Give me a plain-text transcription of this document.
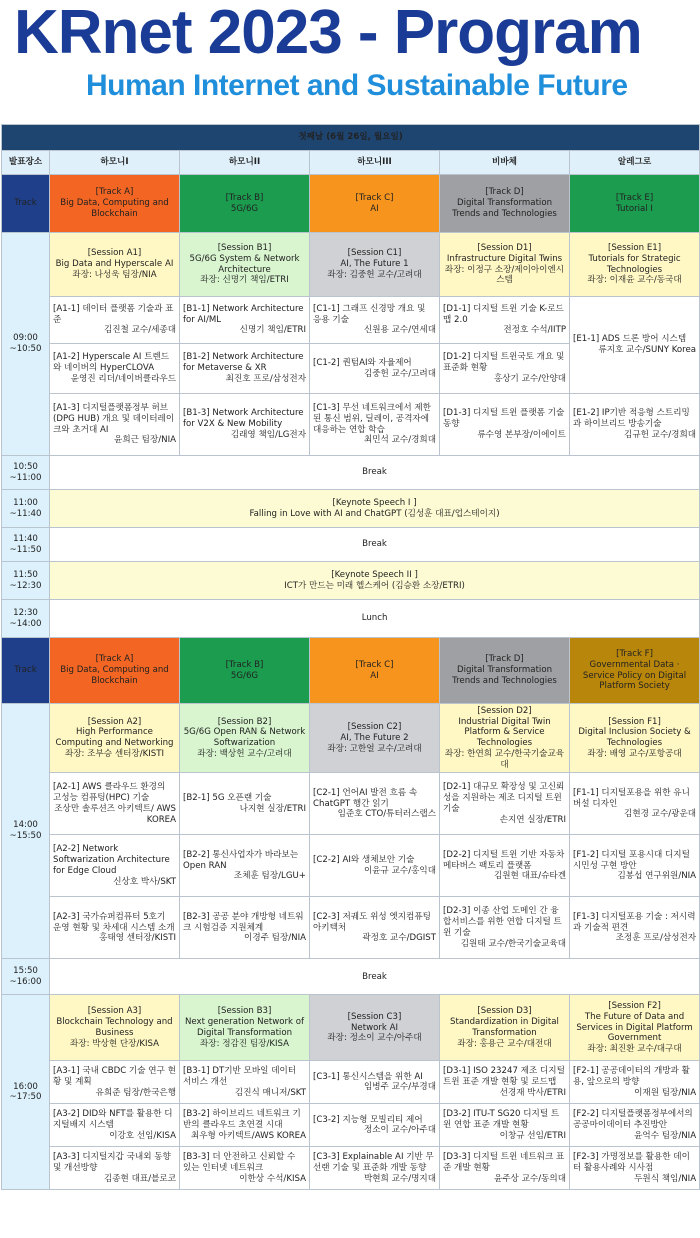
KRnet 2023 - Program
Human Internet and Sustainable Future
첫째날 (6월 26일, 월요일)					

발표장소	하모니I	하모니II	하모니III	비바체	알레그로

Track	[Track A]
Big Data, Computing and Blockchain	[Track B]
5G/6G	[Track C]
AI	[Track D]
Digital Transformation Trends and Technologies	[Track E]
Tutorial I

09:00 ~10:50	[Session A1]
Big Data and Hyperscale AI
좌장: 나성욱 팀장/NIA	[Session B1]
5G/6G System & Network Architecture
좌장: 신명기 책임/ETRI	[Session C1]
AI, The Future 1
좌장: 김중헌 교수/고려대	[Session D1]
Infrastructure Digital Twins
좌장: 이정구 소장/제이아이엔시스템	[Session E1]
Tutorials for Strategic Technologies
좌장: 이재윤 교수/동국대

	[A1-1] 데이터 플랫폼 기술과 표준
김진철 교수/세종대	[B1-1] Network Architecture for AI/ML
신명기 책임/ETRI	[C1-1] 그래프 신경망 개요 및 응용 기술
신원용 교수/연세대	[D1-1] 디지털 트윈 기술 K-로드맵 2.0
전정호 수석/IITP	[E1-1] ADS 드론 방어 시스템
류지호 교수/SUNY Korea

	[A1-2] Hyperscale AI 트렌드와 네이버의 HyperCLOVA
윤영진 리더/네이버클라우드	[B1-2] Network Architecture for Metaverse & XR
최진호 프로/삼성전자	[C1-2] 퀀텀AI와 자율제어
김중헌 교수/고려대	[D1-2] 디지털 트윈국토 개요 및 표준화 현황
홍상기 교수/안양대	

	[A1-3] 디지털플랫폼정부 허브(DPG HUB) 개요 및 데이터레이크와 초거대 AI
윤희근 팀장/NIA	[B1-3] Network Architecture for V2X & New Mobility
김래영 책임/LG전자	[C1-3] 무선 네트워크에서 제한된 통신 범위, 딜레이, 공격자에 대응하는 연합 학습
최민석 교수/경희대	[D1-3] 디지털 트윈 플랫폼 기술 동향
류수영 본부장/이에이트	[E1-2] IP기반 적응형 스트리밍과 하이브리드 방송기술
김규헌 교수/경희대

10:50 ~11:00	Break				

11:00 ~11:40	[Keynote Speech I ]
Falling in Love with AI and ChatGPT (김성훈 대표/업스테이지)				

11:40 ~11:50	Break				

11:50 ~12:30	[Keynote Speech II ]
ICT가 만드는 미래 헬스케어 (김승환 소장/ETRI)				

12:30 ~14:00	Lunch				

Track	[Track A]
Big Data, Computing and Blockchain	[Track B]
5G/6G	[Track C]
AI	[Track D]
Digital Transformation Trends and Technologies	[Track F]
Governmental Data · Service Policy on Digital Platform Society

14:00 ~15:50	[Session A2]
High Performance Computing and Networking
좌장: 조부승 센터장/KISTI	[Session B2]
5G/6G Open RAN & Network Softwarization
좌장: 백상헌 교수/고려대	[Session C2]
AI, The Future 2
좌장: 고한얼 교수/고려대	[Session D2]
Industrial Digital Twin Platform & Service Technologies
좌장: 한연희 교수/한국기술교육대	[Session F1]
Digital Inclusion Society & Technologies
좌장: 배영 교수/포항공대

	[A2-1] AWS 클라우드 환경의 고성능 컴퓨팅(HPC) 기술
조상만 솔루션즈 아키텍트/ AWS KOREA	[B2-1] 5G 오픈랜 기술
나지현 실장/ETRI	[C2-1] 언어AI 발전 흐름 속 ChatGPT 행간 읽기
임준호 CTO/튜터러스랩스	[D2-1] 대규모 확장성 및 고신뢰성을 지원하는 제조 디지털 트윈 기술
손지연 실장/ETRI	[F1-1] 디지털포용을 위한 유니버설 디자인
김현경 교수/광운대

	[A2-2] Network Softwarization Architecture for Edge Cloud
신상호 박사/SKT	[B2-2] 통신사업자가 바라보는 Open RAN
조체훈 팀장/LGU+	[C2-2] AI와 생체보안 기술
이윤규 교수/홍익대	[D2-2] 디지털 트윈 기반 자동차 메타버스 팩토리 플랫폼
김원현 대표/슈타겐	[F1-2] 디지털 포용시대 디지털 시민성 구현 방안
김봉섭 연구위원/NIA

	[A2-3] 국가슈퍼컴퓨터 5호기 운영 현황 및 차세대 시스템 소개
홍태영 센터장/KISTI	[B2-3] 공공 분야 개방형 네트워크 시험검증 지원체계
이경주 팀장/NIA	[C2-3] 저궤도 위성 엣지컴퓨팅 아키텍처
곽정호 교수/DGIST	[D2-3] 이종 산업 도메인 간 융합서비스를 위한 연합 디지털 트윈 기술
김원태 교수/한국기술교육대	[F1-3] 디지털포용 기술 : 저시력과 기술적 편견
조정훈 프로/삼성전자

15:50 ~16:00	Break				

16:00 ~17:50	[Session A3]
Blockchain Technology and Business
좌장: 박상현 단장/KISA	[Session B3]
Next generation Network of Digital Transformation
좌장: 정감진 팀장/KISA	[Session C3]
Network AI
좌장: 정소이 교수/아주대	[Session D3]
Standardization in Digital Transformation
좌장: 홍용근 교수/대전대	[Session F2]
The Future of Data and Services in Digital Platform Government
좌장: 최진환 교수/대구대

	[A3-1] 국내 CBDC 기술 연구 현황 및 계획
유희준 팀장/한국은행	[B3-1] DT기반 모바일 데이터 서비스 개선
김진식 매니저/SKT	[C3-1] 통신시스템을 위한 AI
임병주 교수/부경대	[D3-1] ISO 23247 제조 디지털 트윈 표준 개발 현황 및 로드맵
선경재 박사/ETRI	[F2-1] 공공데이터의 개방과 활용, 앞으로의 방향
이재원 팀장/NIA

	[A3-2] DID와 NFT를 활용한 디지털배지 시스템
이강호 선임/KISA	[B3-2] 하이브리드 네트워크 기반의 클라우드 초연결 시대
최우형 아키텍트/AWS KOREA	[C3-2] 지능형 모빌리티 제어
정소이 교수/아주대	[D3-2] ITU-T SG20 디지털 트윈 연합 표준 개발 현황
이창규 선임/ETRI	[F2-2] 디지털플랫폼정부에서의 공공마이데이터 추진방안
윤억수 팀장/NIA

	[A3-3] 디지털지갑 국내외 동향 및 개선방향
김종현 대표/블로코	[B3-3] 더 안전하고 신뢰할 수 있는 인터넷 네트워크
이한상 수석/KISA	[C3-3] Explainable AI 기반 무선랜 기술 및 표준화 개발 동향
박현희 교수/명지대	[D3-3] 디지털 트윈 네트워크 표준 개발 현황
윤주상 교수/동의대	[F2-3] 가명정보를 활용한 데이터 활용사례와 시사점
두원식 책임/NIA
